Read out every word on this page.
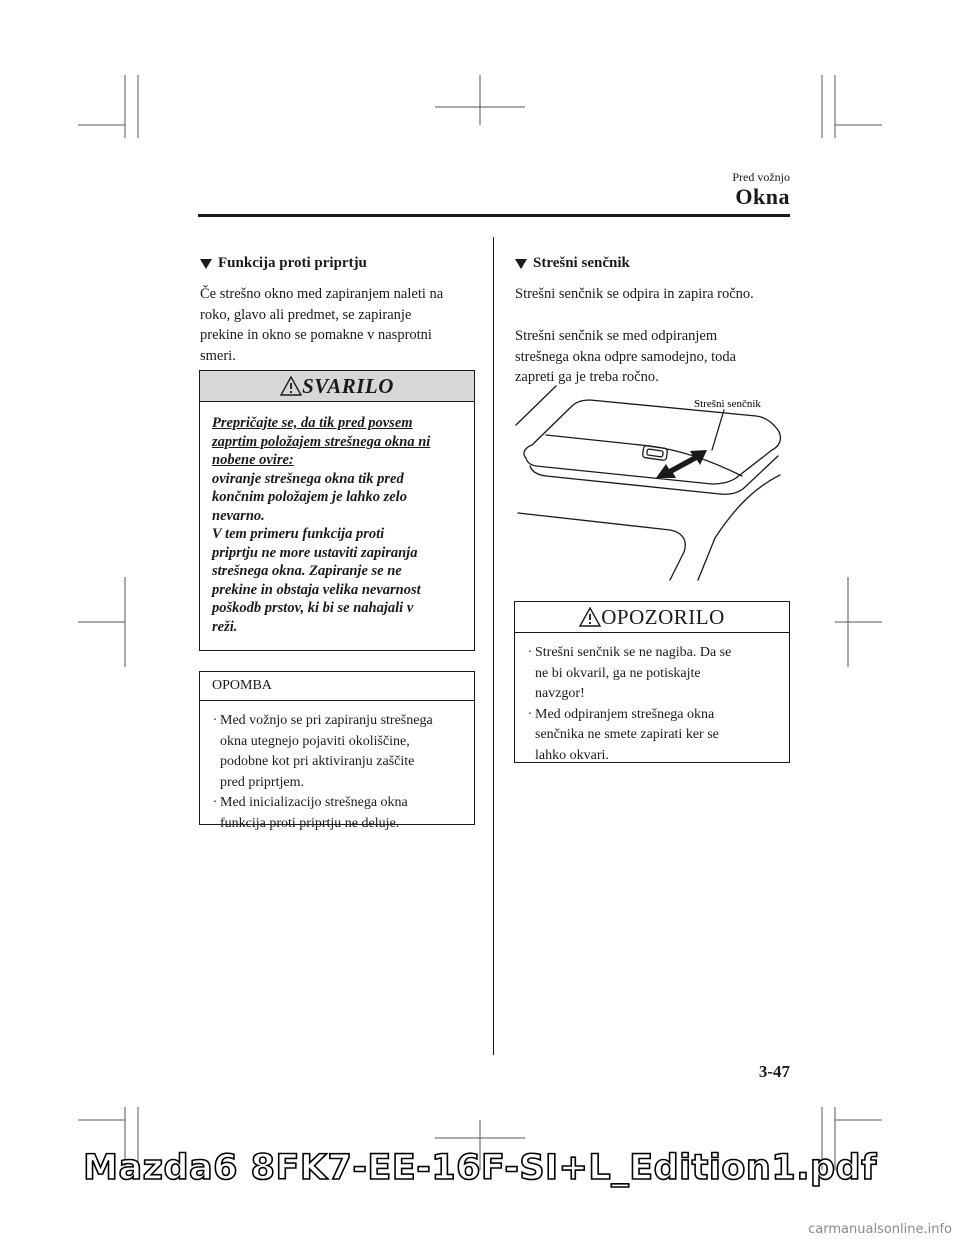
Pred vožnjo
Okna
Funkcija proti priprtju
Če strešno okno med zapiranjem naleti na
roko, glavo ali predmet, se zapiranje
prekine in okno se pomakne v nasprotni
smeri.
SVARILO
Prepričajte se, da tik pred povsem
zaprtim položajem strešnega okna ni
nobene ovire:
oviranje strešnega okna tik pred
končnim položajem je lahko zelo
nevarno.
V tem primeru funkcija proti
priprtju ne more ustaviti zapiranja
strešnega okna. Zapiranje se ne
prekine in obstaja velika nevarnost
poškodb prstov, ki bi se nahajali v
reži.
OPOMBA
· Med vožnjo se pri zapiranju strešnega
okna utegnejo pojaviti okoliščine,
podobne kot pri aktiviranju zaščite
pred priprtjem.
· Med inicializacijo strešnega okna
funkcija proti priprtju ne deluje.
Strešni senčnik
Strešni senčnik se odpira in zapira ročno.
Strešni senčnik se med odpiranjem
strešnega okna odpre samodejno, toda
zapreti ga je treba ročno.
Strešni senčnik
OPOZORILO
· Strešni senčnik se ne nagiba. Da se
ne bi okvaril, ga ne potiskajte
navzgor!
· Med odpiranjem strešnega okna
senčnika ne smete zapirati ker se
lahko okvari.
3-47
Mazda6 8FK7-EE-16F-SI+L_Edition1.pdf
carmanualsonline.info
